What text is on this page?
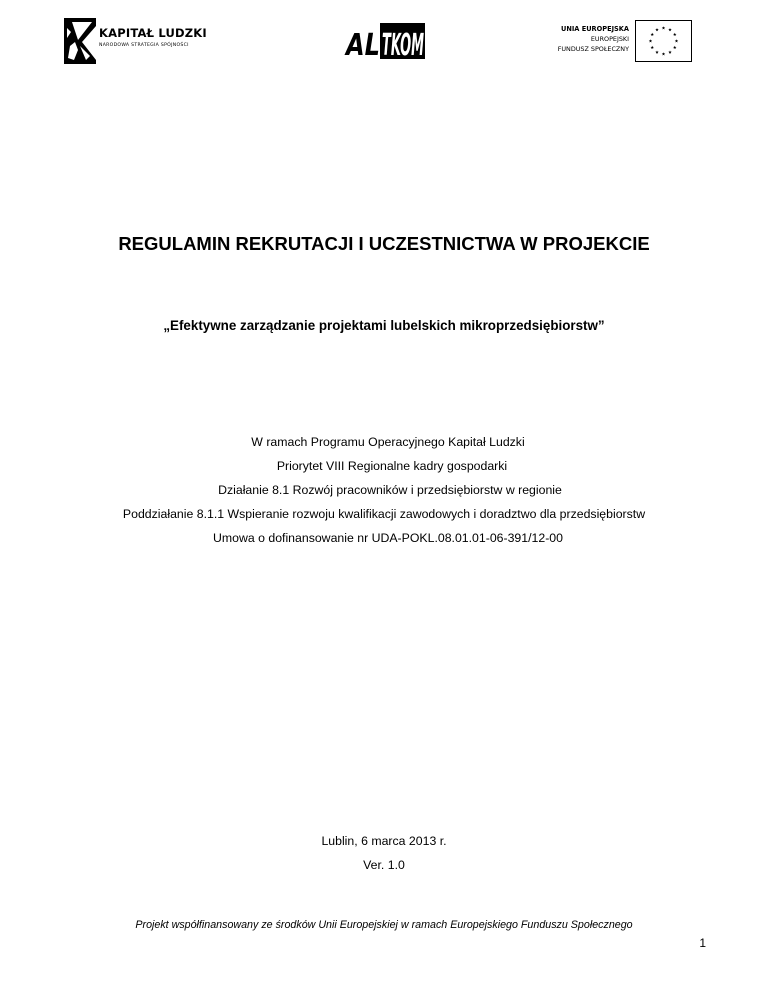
KAPITAŁ LUDZKI
NARODOWA STRATEGIA SPÓJNOŚCI	AL TKOM	UNIA EUROPEJSKA
EUROPEJSKI
FUNDUSZ SPOŁECZNY
REGULAMIN REKRUTACJI I UCZESTNICTWA W PROJEKCIE
„Efektywne zarządzanie projektami lubelskich mikroprzedsiębiorstw”
W ramach Programu Operacyjnego Kapitał Ludzki
Priorytet VIII Regionalne kadry gospodarki
Działanie 8.1 Rozwój pracowników i przedsiębiorstw w regionie
Poddziałanie 8.1.1 Wspieranie rozwoju kwalifikacji zawodowych i doradztwo dla przedsiębiorstw
Umowa o dofinansowanie nr UDA-POKL.08.01.01-06-391/12-00
Lublin, 6 marca 2013 r.
Ver. 1.0
Projekt współfinansowany ze środków Unii Europejskiej w ramach Europejskiego Funduszu Społecznego
1
